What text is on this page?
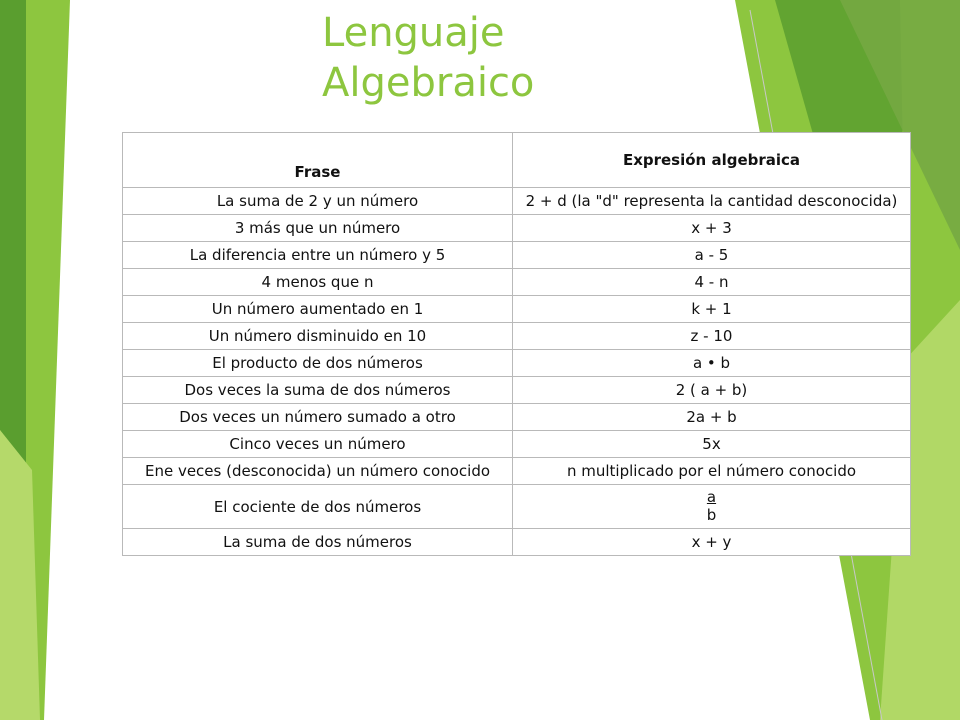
Lenguaje
Algebraico
Frase	Expresión algebraica
La suma de 2 y un número	2 + d (la "d" representa la cantidad desconocida)
3 más que un número	x + 3
La diferencia entre un número y 5	a - 5
4 menos que n	4 - n
Un número aumentado en 1	k + 1
Un número disminuido en 10	z - 10
El producto de dos números	a • b
Dos veces la suma de dos números	2 ( a + b)
Dos veces un número sumado a otro	2a + b
Cinco veces un número	5x
Ene veces (desconocida) un número conocido	n multiplicado por el número conocido
El cociente de dos números	$\frac{a}{b}$

La suma de dos números	x + y
